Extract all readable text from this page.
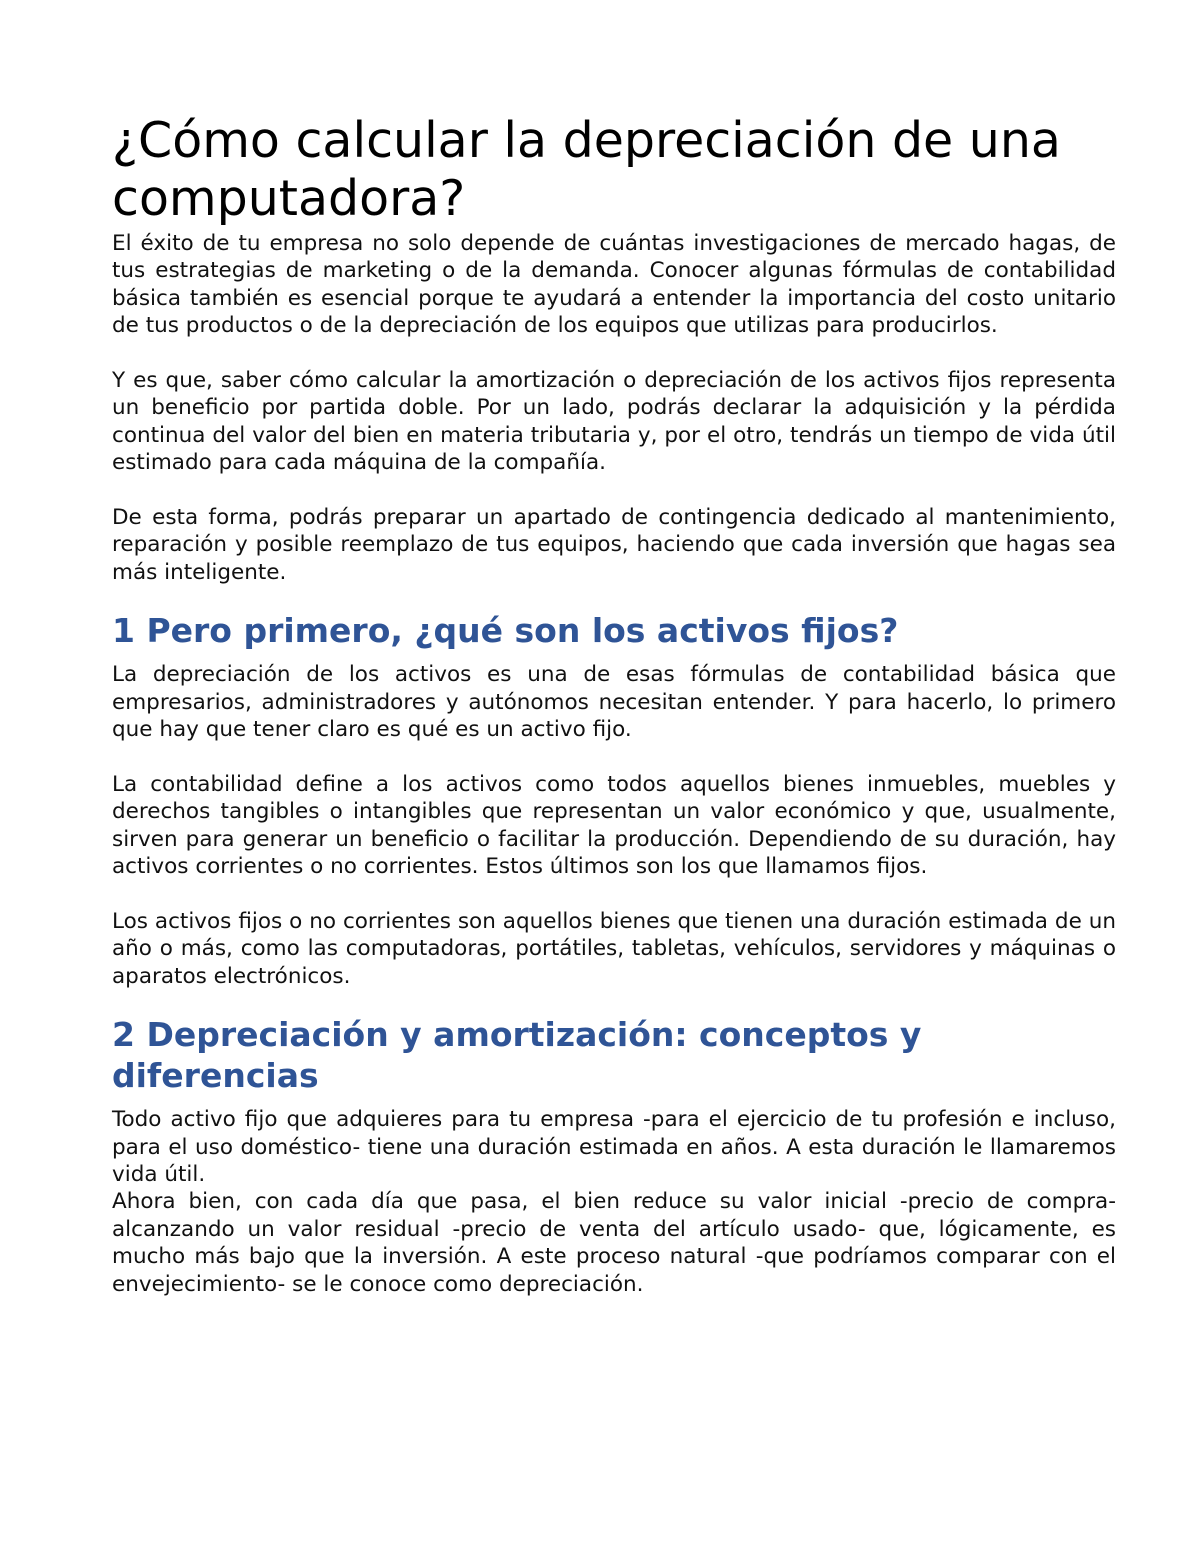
¿Cómo calcular la depreciación de una computadora?

El éxito de tu empresa no solo depende de cuántas investigaciones de mercado hagas, de tus estrategias de marketing o de la demanda. Conocer algunas fórmulas de contabilidad básica también es esencial porque te ayudará a entender la importancia del costo unitario de tus productos o de la depreciación de los equipos que utilizas para producirlos.

Y es que, saber cómo calcular la amortización o depreciación de los activos fijos representa un beneficio por partida doble. Por un lado, podrás declarar la adquisición y la pérdida continua del valor del bien en materia tributaria y, por el otro, tendrás un tiempo de vida útil estimado para cada máquina de la compañía.

De esta forma, podrás preparar un apartado de contingencia dedicado al mantenimiento, reparación y posible reemplazo de tus equipos, haciendo que cada inversión que hagas sea más inteligente.

1 Pero primero, ¿qué son los activos fijos?

La depreciación de los activos es una de esas fórmulas de contabilidad básica que empresarios, administradores y autónomos necesitan entender. Y para hacerlo, lo primero que hay que tener claro es qué es un activo fijo.

La contabilidad define a los activos como todos aquellos bienes inmuebles, muebles y derechos tangibles o intangibles que representan un valor económico y que, usualmente, sirven para generar un beneficio o facilitar la producción. Dependiendo de su duración, hay activos corrientes o no corrientes. Estos últimos son los que llamamos fijos.

Los activos fijos o no corrientes son aquellos bienes que tienen una duración estimada de un año o más, como las computadoras, portátiles, tabletas, vehículos, servidores y máquinas o aparatos electrónicos.

2 Depreciación y amortización: conceptos y diferencias

Todo activo fijo que adquieres para tu empresa -para el ejercicio de tu profesión e incluso, para el uso doméstico- tiene una duración estimada en años. A esta duración le llamaremos vida útil.

Ahora bien, con cada día que pasa, el bien reduce su valor inicial -precio de compra- alcanzando un valor residual -precio de venta del artículo usado- que, lógicamente, es mucho más bajo que la inversión. A este proceso natural -que podríamos comparar con el envejecimiento- se le conoce como depreciación.
